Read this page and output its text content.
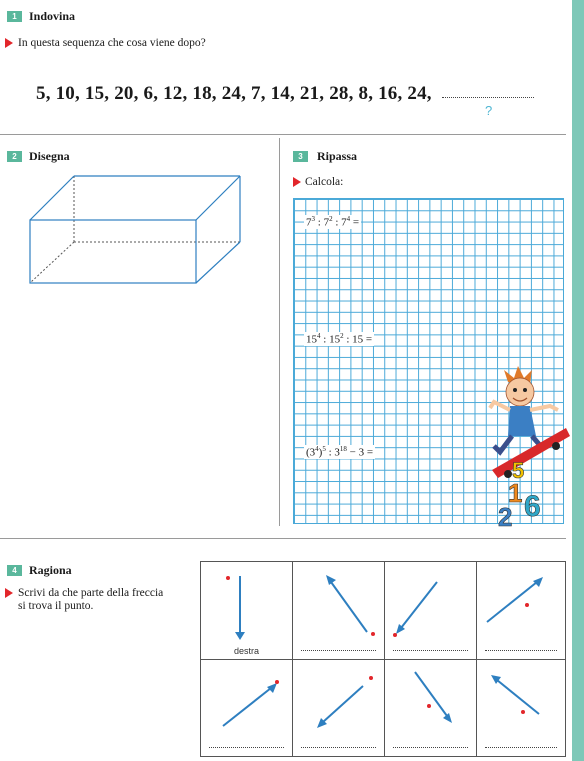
1	Indovina
In questa sequenza che cosa viene dopo?
5, 10, 15, 20, 6, 12, 18, 24, 7, 14, 21, 28, 8, 16, 24,
?
2	Disegna	3	Ripassa
Calcola:
$7^3$ : $7^2$ : $7^4$ =
$15^4$ : $15^2$ : 15 =
$(3^4)^5$ : $3^{18} - 3$ =
5
2 6
1
4	Ragiona
Scrivi da che parte della freccia
si trova il punto.
destra
